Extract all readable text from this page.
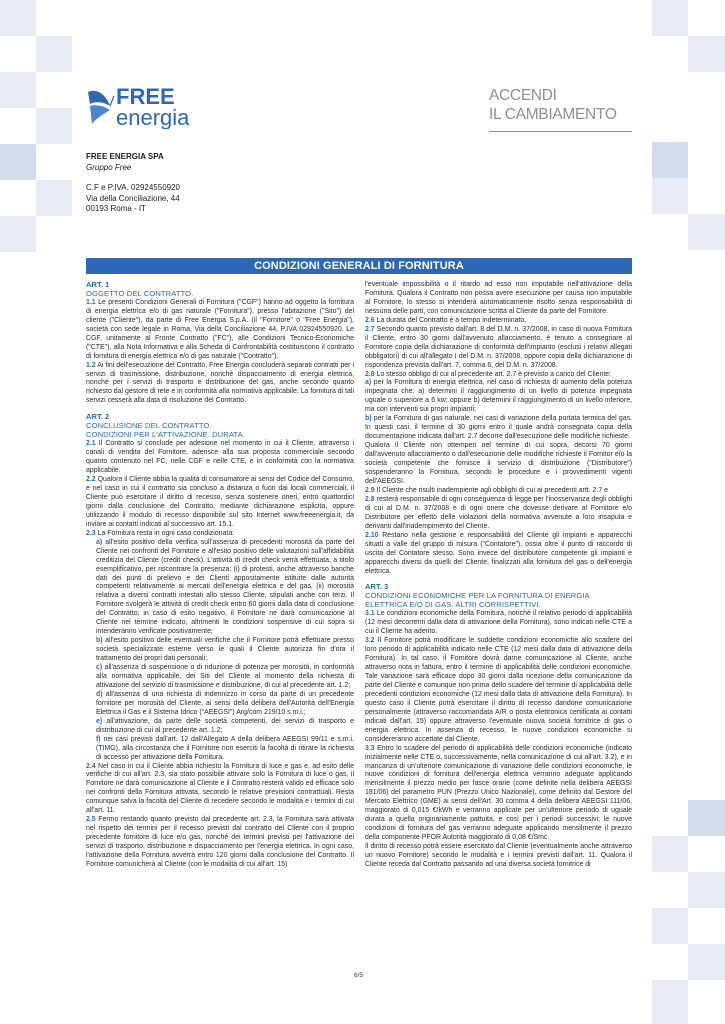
FREE
energia
ACCENDI
IL CAMBIAMENTO
FREE ENERGIA SPA
Gruppo Free
C.F e P.IVA. 02924550920
Via della Conciliazione, 44
00193 Roma - IT
CONDIZIONI GENERALI DI FORNITURA

ART. 1

OGGETTO DEL CONTRATTO.

1.1 Le presenti Condizioni Generali di Fornitura ("CGF") hanno ad oggetto la fornitura di energia elettrica e/o di gas naturale ("Fornitura"), presso l'abitazione ("Sito") del cliente ("Cliente"), da parte di Free Energia S.p.A. (il "Fornitore" o "Free Energia"), società con sede legale in Roma, Via della Conciliazione 44, P.IVA 02924550920. Le CGF, unitamente al Fronte Contratto ("FC"), alle Condizioni Tecnico-Economiche ("CTE"), alla Nota Informativa e alla Scheda di Confrontabilità costituiscono il contratto di fornitura di energia elettrica e/o di gas naturale ("Contratto").

1.2 Ai fini dell'esecuzione del Contratto, Free Energia concluderà separati contratti per i servizi di trasmissione, distribuzione, nonché dispacciamento di energia elettrica, nonché per i servizi di trasporto e distribuzione del gas, anche secondo quanto richiesto dal gestore di rete e in conformità alla normativa applicabile. La fornitura di tali servizi cesserà alla data di risoluzione del Contratto.

ART. 2

CONCLUSIONE DEL CONTRATTO.

CONDIZIONI PER L'ATTIVAZIONE. DURATA.

2.1 Il Contratto si conclude per adesione nel momento in cui il Cliente, attraverso i canali di vendita del Fornitore, aderisce alla sua proposta commerciale secondo quanto contenuto nel FC, nelle CGF e nelle CTE, e in conformità con la normativa applicabile.

2.2 Qualora il Cliente abbia la qualità di consumatore ai sensi del Codice del Consumo, e nel caso in cui il contratto sia concluso a distanza o fuori dai locali commerciali, il Cliente può esercitare il diritto di recesso, senza sostenere oneri, entro quattordici giorni dalla conclusione del Contratto, mediante dichiarazione esplicita, oppure utilizzando il modulo di recesso disponibile sul sito Internet www.freeenergia.it, da inviare ai contatti indicati al successivo art. 15.1.

2.3 La Fornitura resta in ogni caso condizionata:

a) all'esito positivo della verifica sull'assenza di precedenti morosità da parte del Cliente nei confronti del Fornitore e all'esito positivo delle valutazioni sull'affidabilità creditizia del Cliente (credit check). L'attività di credit check verrà effettuata, a titolo esemplificativo, per riscontrare la presenza: (i) di protesti, anche attraverso banche dati dei punti di prelievo e dei Clienti appositamente istituite dalle autorità competenti relativamente ai mercati dell'energia elettrica e del gas, (ii) morosità relativa a diversi contratti intestati allo stesso Cliente, stipulati anche con terzi. Il Fornitore svolgerà le attività di credit check entro 60 giorni dalla data di conclusione del Contratto; in caso di esito negativo, il Fornitore ne darà comunicazione al Cliente nel termine indicato, altrimenti le condizioni sospensive di cui sopra si intenderanno verificate positivamente;

b) all'esito positivo delle eventuali verifiche che il Fornitore potrà effettuare presso società specializzate esterne verso le quali il Cliente autorizza fin d'ora il trattamento dei propri dati personali;

c) all'assenza di sospensione o di riduzione di potenza per morosità, in conformità alla normativa applicabile, dei Siti del Cliente al momento della richiesta di attivazione del servizio di trasmissione e distribuzione, di cui al precedente art. 1.2;

d) all'assenza di una richiesta di indennizzo in corso da parte di un precedente fornitore per morosità del Cliente, ai sensi della delibera dell'Autorità dell'Energia Elettrica il Gas e il Sistema Idrico ("AEEGSI") Arg/com 219/10 s.m.i.;

e) all'attivazione, da parte delle società competenti, dei servizi di trasporto e distribuzione di cui al precedente art. 1.2;

f) nei casi previsti dall'art. 12 dall'Allegato A della delibera AEEGSI 99/11 e s.m.i. (TIMG), alla circostanza che il Fornitore non eserciti la facoltà di ritirare la richiesta di accesso per attivazione della Fornitura.

2.4 Nel caso in cui il Cliente abbia richiesto la Fornitura di luce e gas e, ad esito delle verifiche di cui all'art. 2.3, sia stato possibile attivare solo la Fornitura di luce o gas, il Fornitore ne darà comunicazione al Cliente e il Contratto resterà valido ed efficace solo nei confronti della Fornitura attivata, secondo le relative previsioni contrattuali. Resta comunque salva la facoltà del Cliente di recedere secondo le modalità e i termini di cui all'art. 11.

2.5 Fermo restando quanto previsto dal precedente art. 2.3, la Fornitura sarà attivata nel rispetto dei termini per il recesso previsti dal contratto del Cliente con il proprio precedente fornitore di luce e/o gas, nonché dei termini previsti per l'attivazione dei servizi di trasporto, distribuzione e dispacciamento per l'energia elettrica. In ogni caso, l'attivazione della Fornitura avverrà entro 120 giorni dalla conclusione del Contratto. Il Fornitore comunicherà al Cliente (con le modalità di cui all'art. 15)

l'eventuale impossibilità o il ritardo ad esso non imputabile nell'attivazione della Fornitura. Qualora il Contratto non possa avere esecuzione per causa non imputabile al Fornitore, lo stesso si intenderà automaticamente risolto senza responsabilità di nessuna delle parti, con comunicazione scritta al Cliente da parte del Fornitore.

2.6 La durata del Contratto è a tempo indeterminato.

2.7 Secondo quanto previsto dall'art. 8 del D.M. n. 37/2008, in caso di nuova Fornitura il Cliente, entro 30 giorni dall'avvenuto allacciamento, è tenuto a consegnare al Fornitore copia della dichiarazione di conformità dell'impianto (esclusi i relativi allegati obbligatori) di cui all'allegato I del D.M. n. 37/2008, oppure copia della dichiarazione di rispondenza prevista dall'art. 7, comma 6, del D.M. n. 37/2008.

2.8 Lo stesso obbligo di cui al precedente art. 2.7 è previsto a carico del Cliente:

a) per la Fornitura di energia elettrica, nel caso di richiesta di aumento della potenza impegnata che: a) determini il raggiungimento di un livello di potenza impegnata uguale o superiore a 6 kw; oppure b) determini il raggiungimento di un livello inferiore, ma con interventi sui propri impianti;

b) per la Fornitura di gas naturale, nei casi di variazione della portata termica del gas. In questi casi, il termine di 30 giorni entro il quale andrà consegnata copia della documentazione indicata dall'art. 2.7 decorre dall'esecuzione delle modifiche richieste.

Qualora il Cliente non ottemperi nel termine di cui sopra, decorsi 70 giorni dall'avvenuto allacciamento o dall'esecuzione delle modifiche richieste il Fornitor e/o la società competente che fornisce il servizio di distribuzione ("Distributore") sospenderanno la Fornitura, secondo le procedure e i provvedimenti vigenti dell'AEEGSI.

2.9 Il Cliente che risulti inadempiente agli obblighi di cui ai precedenti artt. 2.7 e

2.8 resterà responsabile di ogni conseguenza di legge per l'inosservanza degli obblighi di cui al D.M. n. 37/2008 e di ogni onere che dovesse derivare al Fornitore e/o Distributore per effetto delle violazioni della normativa avvenute a loro insaputa e derivanti dall'inadempimento del Cliente.

2.10 Restano nella gestione e responsabilità del Cliente gli impianti e apparecchi situati a valle del gruppo di misura ("Contatore"), ossia oltre il punto di raccordo di uscita del Contatore stesso. Sono invece del distributore competente gli impianti e apparecchi diversi da quelli del Cliente, finalizzati alla fornitura del gas o dell'energia elettrica.

ART. 3

CONDIZIONI ECONOMICHE PER LA FORNITURA DI ENERGIA

ELETTRICA E/O DI GAS. ALTRI CORRISPETTIVI.

3.1 Le condizioni economiche della Fornitura, nonché il relativo periodo di applicabilità (12 mesi decorrenti dalla data di attivazione della Fornitura), sono indicati nelle CTE a cui il Cliente ha aderito.

3.2 Il Fornitore potrà modificare le suddette condizioni economiche allo scadere del loro periodo di applicabilità indicato nelle CTE (12 mesi dalla data di attivazione della Fornitura). In tal caso, il Fornitore dovrà darne comunicazione al Cliente, anche attraverso nota in fattura, entro il termine di applicabilità delle condizioni economiche. Tale variazione sarà efficace dopo 30 giorni dalla ricezione della comunicazione da parte del Cliente e comunque non prima dello scadere del termine di applicabilità delle precedenti condizioni economiche (12 mesi dalla data di attivazione della Fornitura). In questo caso il Cliente potrà esercitare il diritto di recesso dandone comunicazione personalmente (attraverso raccomandata A/R o posta elettronica certificata ai contatti indicati dall'art. 15) oppure attraverso l'eventuale nuova società fornitrice di gas o energia elettrica. In assenza di recesso, le nuove condizioni economiche si considereranno accettate dal Cliente.

3.3 Entro lo scadere del periodo di applicabilità delle condizioni economiche (indicato inizialmente nelle CTE o, successivamente, nella comunicazione di cui all'art. 3.2), e in mancanza di un'ulteriore comunicazione di variazione delle condizioni economiche, le nuove condizioni di fornitura dell'energia elettrica verranno adeguate applicando mensilmente il prezzo medio per fasce orarie (come definite nella delibera AEEGSI 181/06) del parametro PUN (Prezzo Unico Nazionale), come definito dal Gestore del Mercato Elettrico (GME) ai sensi dell'Art. 30 comma 4 della delibera AEEGSI 111/06, maggiorato di 0,015 €/kWh e verranno applicate per un'ulteriore periodo di uguale durata a quella originariamente pattuita, e così per i periodi successivi; le nuove condizioni di fornitura del gas verranno adeguate applicando mensilmente il prezzo della componente PFOR Autorità maggiorato di 0,08 €/Smc.

Il diritto di recesso potrà essere esercitato dal Cliente (eventualmente anche attraverso un nuovo Fornitore) secondo le modalità e i termini previsti dall'art. 11. Qualora il Cliente receda dal Contratto passando ad una diversa società fornitrice di

6/5
